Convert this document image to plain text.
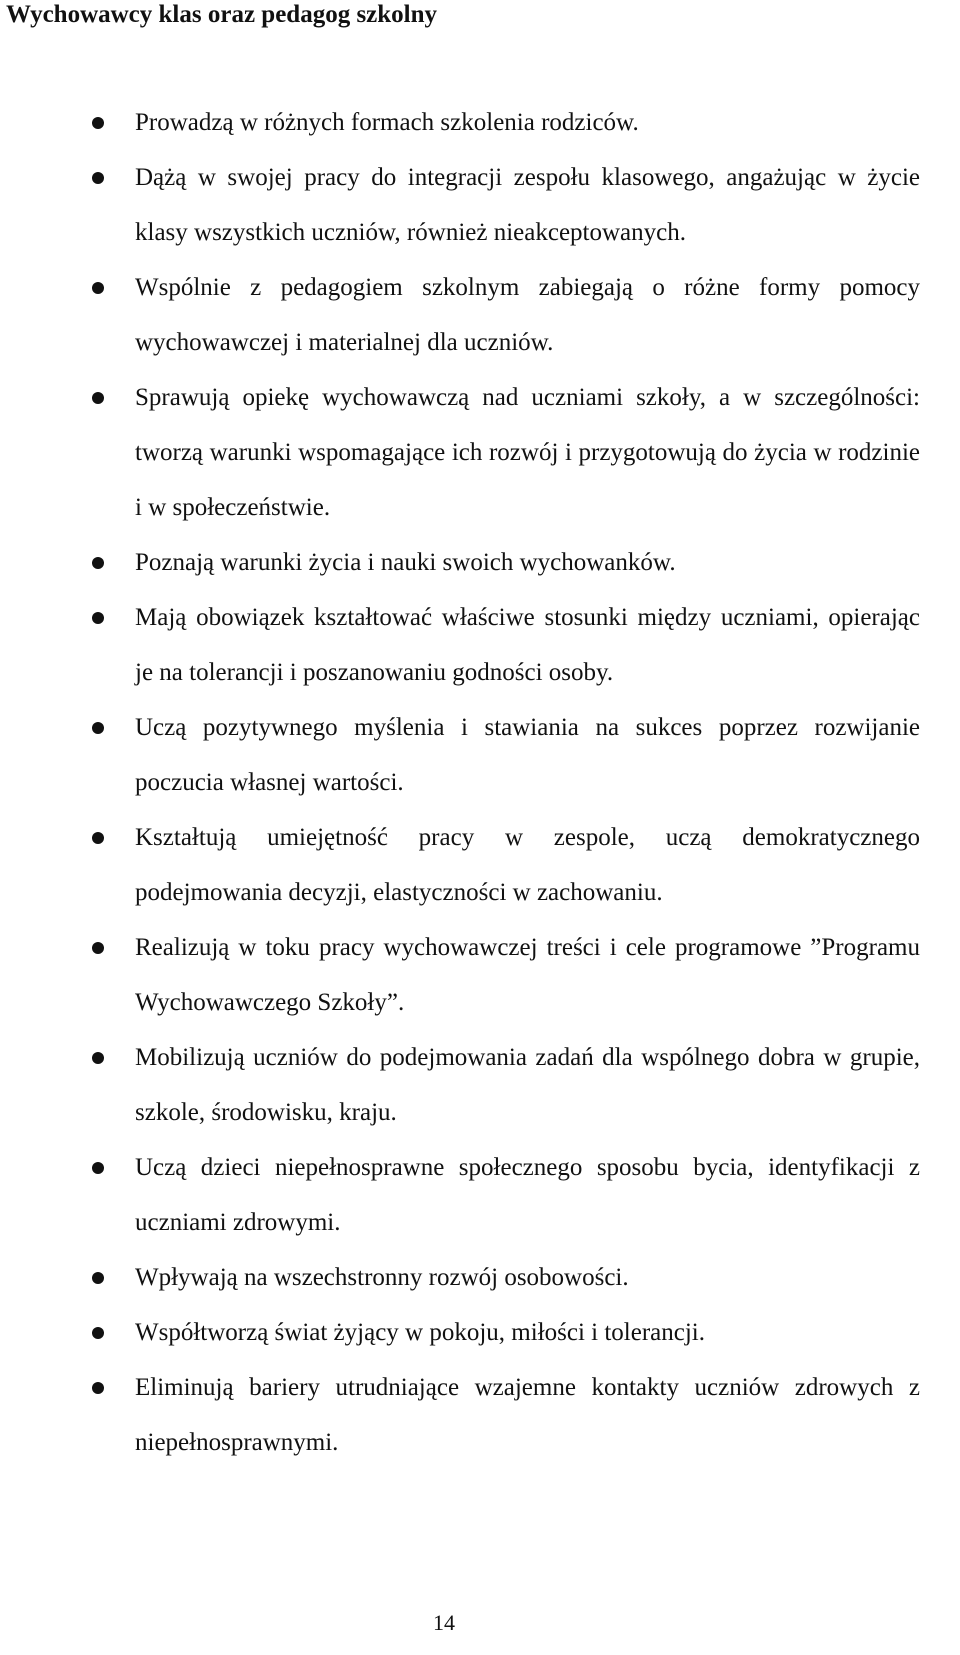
Wychowawcy klas oraz pedagog szkolny
Prowadzą w różnych formach szkolenia rodziców.
Dążą w swojej pracy do integracji zespołu klasowego, angażując w życie klasy wszystkich uczniów, również nieakceptowanych.
Wspólnie z pedagogiem szkolnym zabiegają o różne formy pomocy wychowawczej i materialnej dla uczniów.
Sprawują opiekę wychowawczą nad uczniami szkoły, a w szczególności: tworzą warunki wspomagające ich rozwój i przygotowują do życia w rodzinie i w społeczeństwie.
Poznają warunki życia i nauki swoich wychowanków.
Mają obowiązek kształtować właściwe stosunki między uczniami, opierając je na tolerancji i poszanowaniu godności osoby.
Uczą pozytywnego myślenia i stawiania na sukces poprzez rozwijanie poczucia własnej wartości.
Kształtują umiejętność pracy w zespole, uczą demokratycznego podejmowania decyzji, elastyczności w zachowaniu.
Realizują w toku pracy wychowawczej treści i cele programowe ”Programu Wychowawczego Szkoły”.
Mobilizują uczniów do podejmowania zadań dla wspólnego dobra w grupie, szkole, środowisku, kraju.
Uczą dzieci niepełnosprawne społecznego sposobu bycia, identyfikacji z uczniami zdrowymi.
Wpływają na wszechstronny rozwój osobowości.
Współtworzą świat żyjący w pokoju, miłości i tolerancji.
Eliminują bariery utrudniające wzajemne kontakty uczniów zdrowych z niepełnosprawnymi.
14
